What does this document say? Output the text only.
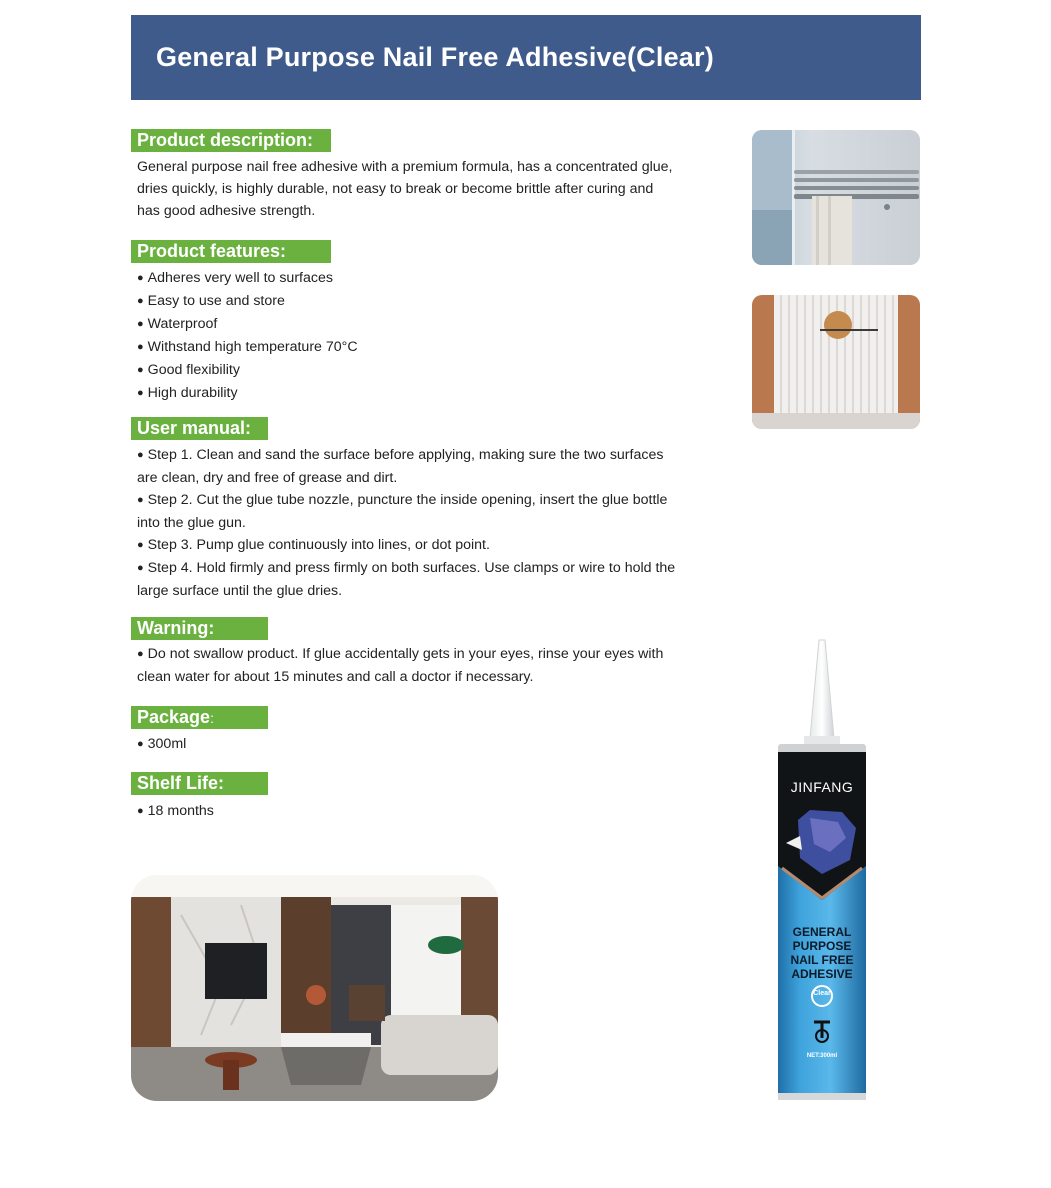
General Purpose Nail Free Adhesive(Clear)
Product description:

General purpose nail free adhesive with a premium formula, has a concentrated glue,

dries quickly, is highly durable, not easy to break or become brittle after curing and

has good adhesive strength.

Product features:

● Adheres very well to surfaces

● Easy to use and store

● Waterproof

● Withstand high temperature 70°C

● Good flexibility

● High durability

User manual:

● Step 1. Clean and sand the surface before applying, making sure the two surfaces

are clean, dry and free of grease and dirt.

● Step 2. Cut the glue tube nozzle, puncture the inside opening, insert the glue bottle

into the glue gun.

● Step 3. Pump glue continuously into lines, or dot point.

● Step 4. Hold firmly and press firmly on both surfaces. Use clamps or wire to hold the

large surface until the glue dries.

Warning:

● Do not swallow product. If glue accidentally gets in your eyes, rinse your eyes with

clean water for about 15 minutes and call a doctor if necessary.

Package:

● 300ml

Shelf Life:

● 18 months

JINFANG
GENERAL
PURPOSE
NAIL FREE
ADHESIVE
Clear
NET:300ml
